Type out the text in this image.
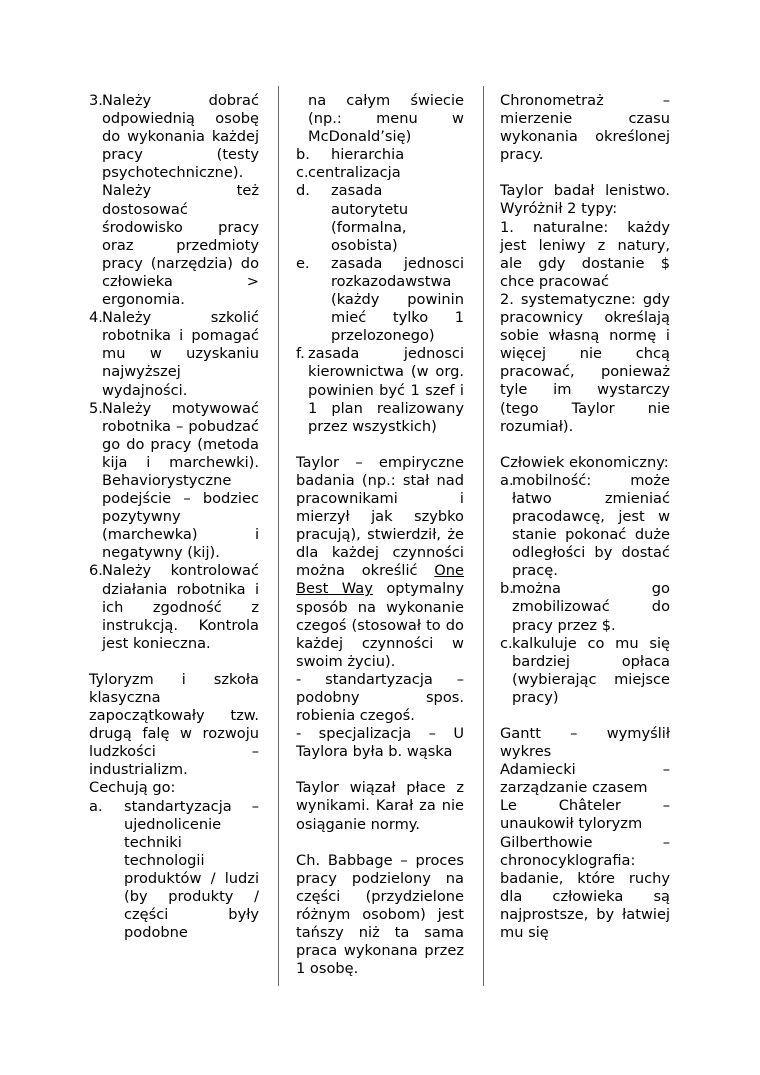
3. Należy dobrać odpowiednią osobę do wykonania każdej pracy (testy psychotechniczne). Należy też dostosować środowisko pracy oraz przedmioty pracy (narzędzia) do człowieka > ergonomia.
4. Należy szkolić robotnika i pomagać mu w uzyskaniu najwyższej wydajności.
5. Należy motywować robotnika – pobudzać go do pracy (metoda kija i marchewki). Behaviorystyczne podejście – bodziec pozytywny (marchewka) i negatywny (kij).
6. Należy kontrolować działania robotnika i ich zgodność z instrukcją. Kontrola jest konieczna.

Tyloryzm i szkoła klasyczna zapoczątkowały tzw. drugą falę w rozwoju ludzkości – industrializm.

Cechują go:

a.	standartyzacja – ujednolicenie techniki technologii produktów / ludzi (by produkty / części były podobne

na całym świecie (np.: menu w McDonald’się)

b.	hierarchia
c. centralizacja
d.	zasada autorytetu (formalna, osobista)
e.	zasada jednosci rozkazodawstwa (każdy powinin mieć tylko 1 przelozonego)
f. zasada jednosci kierownictwa (w org. powinien być 1 szef i 1 plan realizowany przez wszystkich)

Taylor – empiryczne badania (np.: stał nad pracownikami i mierzył jak szybko pracują), stwierdził, że dla każdej czynności można określić One Best Way optymalny sposób na wykonanie czegoś (stosował to do każdej czynności w swoim życiu).

- standartyzacja – podobny spos. robienia czegoś.

- specjalizacja – U Taylora była b. wąska

Taylor wiązał płace z wynikami. Karał za nie osiąganie normy.

Ch. Babbage – proces pracy podzielony na części (przydzielone różnym osobom) jest tańszy niż ta sama praca wykonana przez 1 osobę.

Chronometraż – mierzenie czasu wykonania określonej pracy.

Taylor badał lenistwo. Wyróżnił 2 typy:

1. naturalne: każdy jest leniwy z natury, ale gdy dostanie $ chce pracować

2. systematyczne: gdy pracownicy określają sobie własną normę i więcej nie chcą pracować, ponieważ tyle im wystarczy (tego Taylor nie rozumiał).

Człowiek ekonomiczny:

a.
mobilność: może łatwo zmieniać pracodawcę, jest w stanie pokonać duże odległości by dostać pracę.
b.
można go zmobilizować do pracy przez $.
c. kalkuluje co mu się bardziej opłaca (wybierając miejsce pracy)

Gantt – wymyślił wykres

Adamiecki – zarządzanie czasem

Le Châteler – unaukowił tyloryzm

Gilberthowie – chronocyklografia: badanie, które ruchy dla człowieka są najprostsze, by łatwiej mu się
